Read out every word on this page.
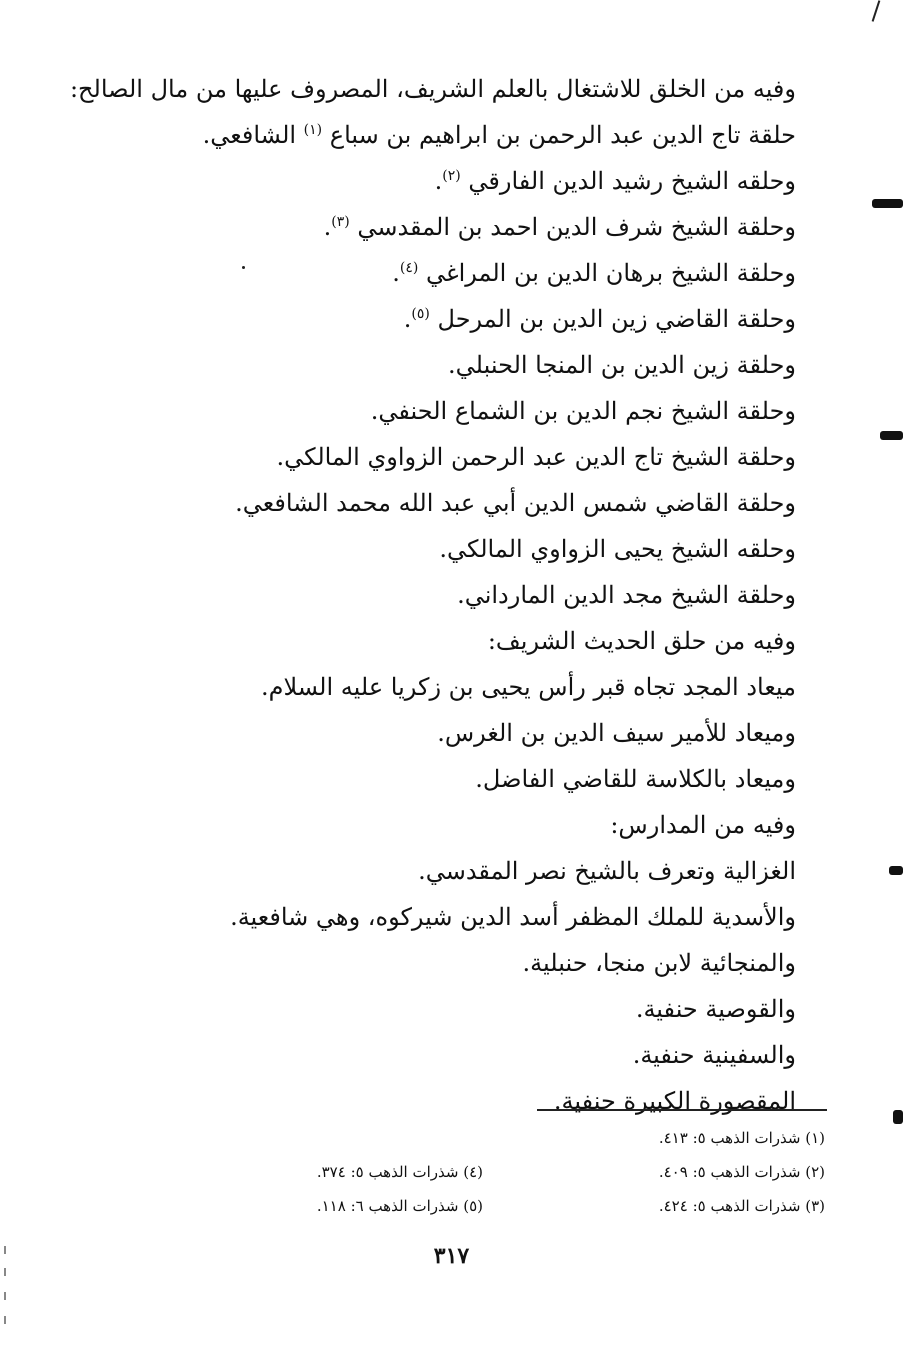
وفيه من الخلق للاشتغال بالعلم الشريف، المصروف عليها من مال الصالح:
حلقة تاج الدين عبد الرحمن بن ابراهيم بن سباع $^{(١)}$ الشافعي.
وحلقه الشيخ رشيد الدين الفارقي $^{(٢)}$.
وحلقة الشيخ شرف الدين احمد بن المقدسي $^{(٣)}$.
وحلقة الشيخ برهان الدين بن المراغي $^{(٤)}$.
وحلقة القاضي زين الدين بن المرحل $^{(٥)}$.
وحلقة زين الدين بن المنجا الحنبلي.
وحلقة الشيخ نجم الدين بن الشماع الحنفي.
وحلقة الشيخ تاج الدين عبد الرحمن الزواوي المالكي.
وحلقة القاضي شمس الدين أبي عبد الله محمد الشافعي.
وحلقه الشيخ يحيى الزواوي المالكي.
وحلقة الشيخ مجد الدين المارداني.
وفيه من حلق الحديث الشريف:
ميعاد المجد تجاه قبر رأس يحيى بن زكريا عليه السلام.
وميعاد للأمير سيف الدين بن الغرس.
وميعاد بالكلاسة للقاضي الفاضل.
وفيه من المدارس:
الغزالية وتعرف بالشيخ نصر المقدسي.
والأسدية للملك المظفر أسد الدين شيركوه، وهي شافعية.
والمنجائية لابن منجا، حنبلية.
والقوصية حنفية.
والسفينية حنفية.
المقصورة الكبيرة حنفية.
(١) شذرات الذهب ٥: ٤١٣.
(٢) شذرات الذهب ٥: ٤٠٩.
(٣) شذرات الذهب ٥: ٤٢٤.
(٤) شذرات الذهب ٥: ٣٧٤.
(٥) شذرات الذهب ٦: ١١٨.
٣١٧
